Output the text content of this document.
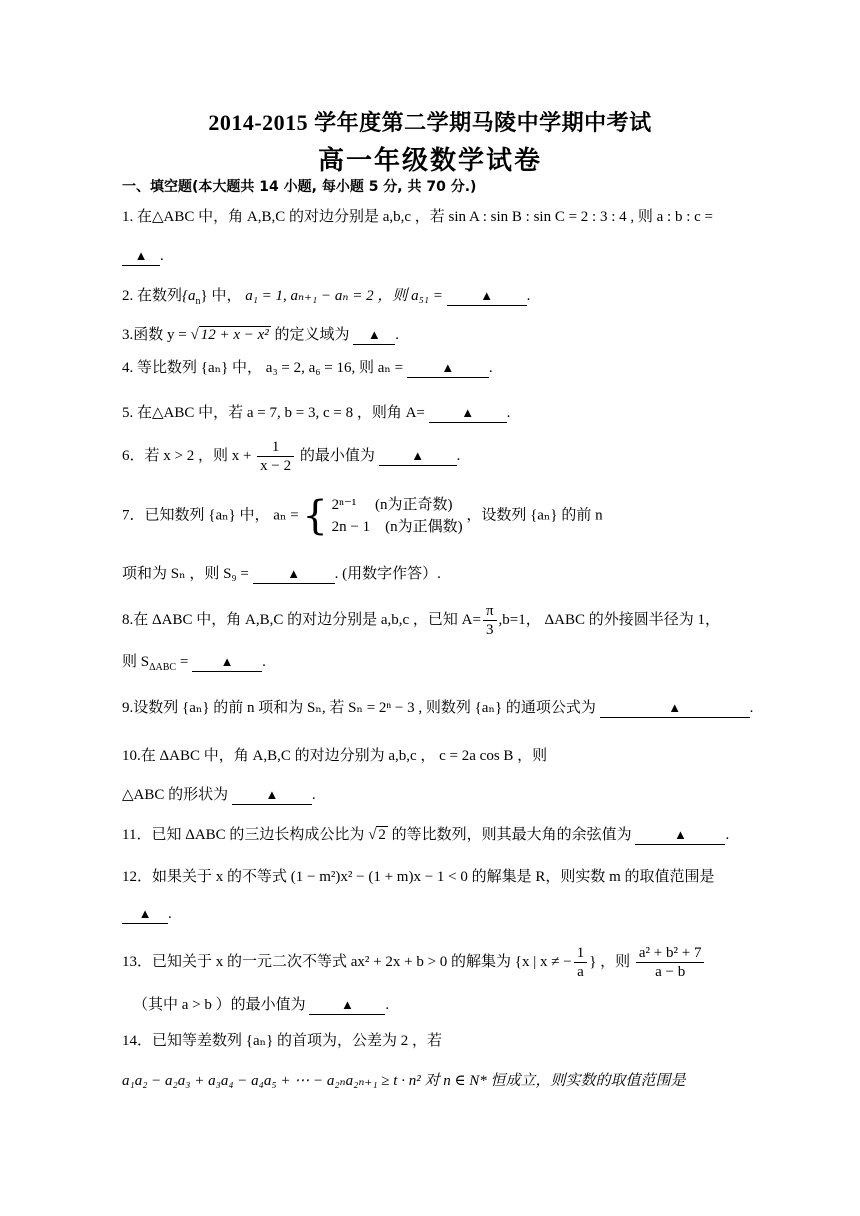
2014-2015 学年度第二学期马陵中学期中考试
高一年级数学试卷
一、填空题(本大题共 14 小题, 每小题 5 分, 共 70 分.)
1. 在△ABC 中，角 A,B,C 的对边分别是 a,b,c ，若 sin A : sin B : sin C = 2 : 3 : 4 , 则 a : b : c =
▲ .
2. 在数列$\{a_n\}$ 中， a₁ = 1, aₙ₊₁ − aₙ = 2 ，则 a₅₁ =	▲ .
3.函数 y = √ 12 + x − x² 的定义域为 ▲ .
4. 等比数列 {aₙ} 中， a₃ = 2, a₆ = 16, 则 aₙ =	▲ .
5. 在△ABC 中，若 a = 7, b = 3, c = 8 ，则角 A=	▲ .
6．若 x > 2 ，则 $x + \frac{1}{x - 2}$ 的最小值为	▲ .
7．已知数列 {aₙ} 中， aₙ = { 2ⁿ⁻¹ (n为正奇数)
2n − 1 (n为正偶数) ，设数列 {aₙ} 的前 n
项和为 Sₙ ，则 S₉ =	▲ . (用数字作答）.
8.在 ΔABC 中，角 A,B,C 的对边分别是 a,b,c ，已知 $A= \frac{\pi}{3} ,b=1$， ΔABC 的外接圆半径为 1，
则 $S_{\Delta ABC}$ = ▲ .
9.设数列 {aₙ} 的前 n 项和为 Sₙ, 若 Sₙ = 2ⁿ − 3 , 则数列 {aₙ} 的通项公式为	▲	.
10.在 ΔABC 中，角 A,B,C 的对边分别为 a,b,c ， c = 2a cos B ，则
△ABC 的形状为	▲ .
11．已知 ΔABC 的三边长构成公比为 √ 2 的等比数列，则其最大角的余弦值为	▲	.
12．如果关于 x 的不等式 (1 − m²)x² − (1 + m)x − 1 < 0 的解集是 R，则实数 m 的取值范围是
▲ .
13．已知关于 x 的一元二次不等式 ax² + 2x + b > 0 的解集为 {x | x ≠ − $\frac{1}{a}$ } ，则 $\frac{\text{a² + b² + 7}}{a - b}$
（其中 a > b ）的最小值为	▲ .
14．已知等差数列 {aₙ} 的首项为，公差为 2 ，若
a₁a₂ − a₂a₃ + a₃a₄ − a₄a₅ + ⋯ − a₂ₙa₂ₙ₊₁ ≥ t · n² 对 n ∈ N* 恒成立，则实数的取值范围是
